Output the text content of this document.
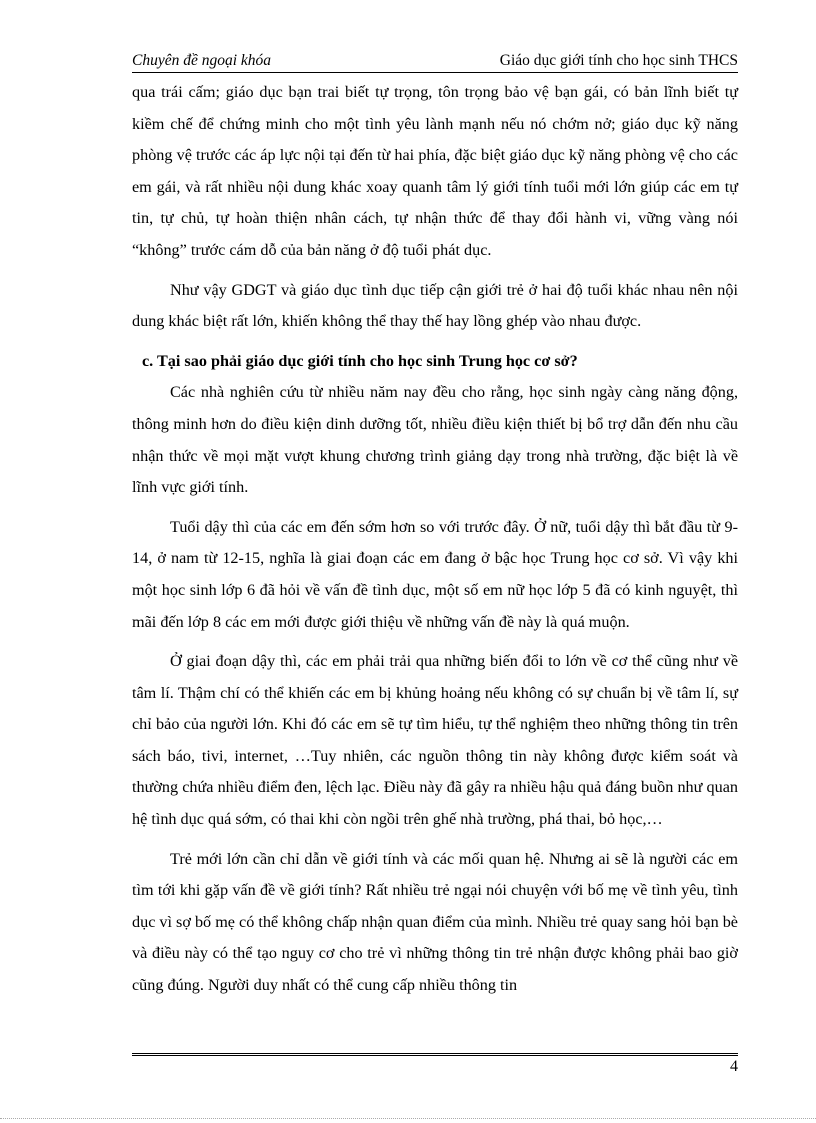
Chuyên đề ngoại khóa	Giáo dục giới tính cho học sinh THCS

qua trái cấm; giáo dục bạn trai biết tự trọng, tôn trọng bảo vệ bạn gái, có bản lĩnh biết tự kiềm chế để chứng minh cho một tình yêu lành mạnh nếu nó chớm nở; giáo dục kỹ năng phòng vệ trước các áp lực nội tại đến từ hai phía, đặc biệt giáo dục kỹ năng phòng vệ cho các em gái, và rất nhiều nội dung khác xoay quanh tâm lý giới tính tuổi mới lớn giúp các em tự tin, tự chủ, tự hoàn thiện nhân cách, tự nhận thức để thay đổi hành vi, vững vàng nói “không” trước cám dỗ của bản năng ở độ tuổi phát dục.

Như vậy GDGT và giáo dục tình dục tiếp cận giới trẻ ở hai độ tuổi khác nhau nên nội dung khác biệt rất lớn, khiến không thể thay thế hay lồng ghép vào nhau được.

c. Tại sao phải giáo dục giới tính cho học sinh Trung học cơ sở?

Các nhà nghiên cứu từ nhiều năm nay đều cho rằng, học sinh ngày càng năng động, thông minh hơn do điều kiện dinh dưỡng tốt, nhiều điều kiện thiết bị bổ trợ dẫn đến nhu cầu nhận thức về mọi mặt vượt khung chương trình giảng dạy trong nhà trường, đặc biệt là về lĩnh vực giới tính.

Tuổi dậy thì của các em đến sớm hơn so với trước đây. Ở nữ, tuổi dậy thì bắt đầu từ 9-14, ở nam từ 12-15, nghĩa là giai đoạn các em đang ở bậc học Trung học cơ sở. Vì vậy khi một học sinh lớp 6 đã hỏi về vấn đề tình dục, một số em nữ học lớp 5 đã có kinh nguyệt, thì mãi đến lớp 8 các em mới được giới thiệu về những vấn đề này là quá muộn.

Ở giai đoạn dậy thì, các em phải trải qua những biến đổi to lớn về cơ thể cũng như về tâm lí. Thậm chí có thể khiến các em bị khủng hoảng nếu không có sự chuẩn bị về tâm lí, sự chỉ bảo của người lớn. Khi đó các em sẽ tự tìm hiểu, tự thể nghiệm theo những thông tin trên sách báo, tivi, internet, …Tuy nhiên, các nguồn thông tin này không được kiểm soát và thường chứa nhiều điểm đen, lệch lạc. Điều này đã gây ra nhiều hậu quả đáng buồn như quan hệ tình dục quá sớm, có thai khi còn ngồi trên ghế nhà trường, phá thai, bỏ học,…

Trẻ mới lớn cần chỉ dẫn về giới tính và các mối quan hệ. Nhưng ai sẽ là người các em tìm tới khi gặp vấn đề về giới tính? Rất nhiều trẻ ngại nói chuyện với bố mẹ về tình yêu, tình dục vì sợ bố mẹ có thể không chấp nhận quan điểm của mình. Nhiều trẻ quay sang hỏi bạn bè và điều này có thể tạo nguy cơ cho trẻ vì những thông tin trẻ nhận được không phải bao giờ cũng đúng. Người duy nhất có thể cung cấp nhiều thông tin

4
